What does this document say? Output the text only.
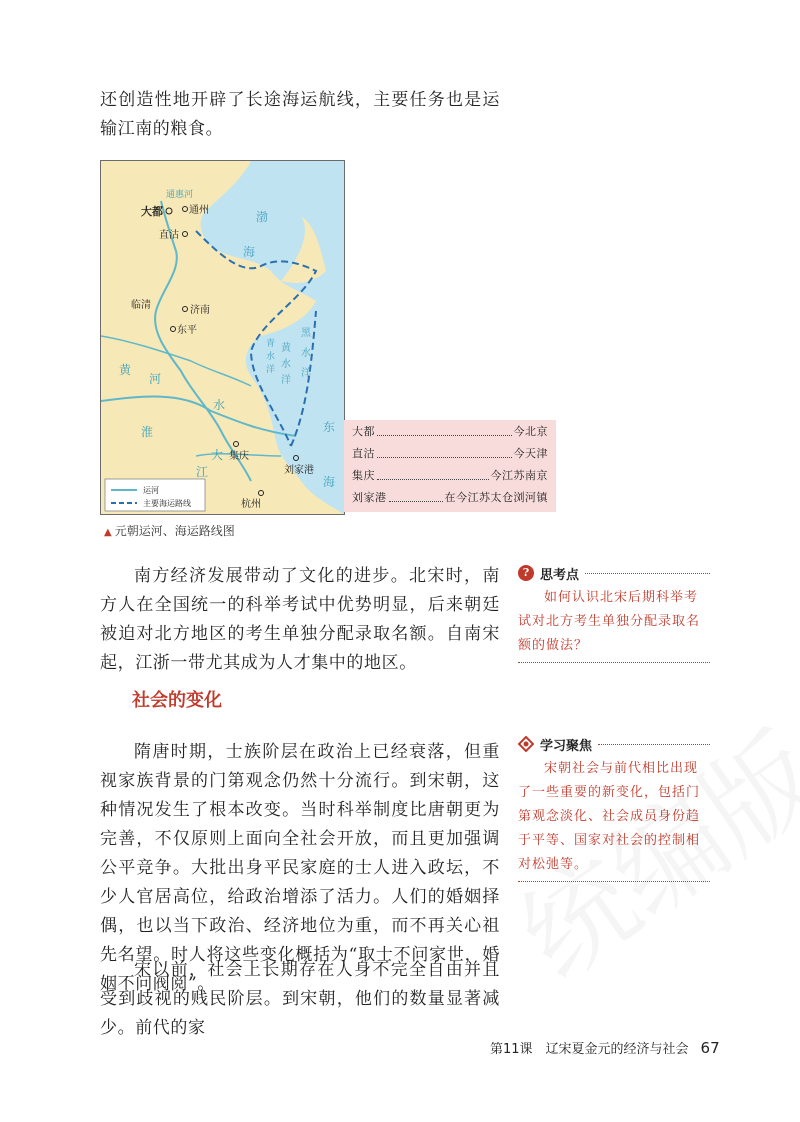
还创造性地开辟了长途海运航线，主要任务也是运输江南的粮食。

通惠河
大都	通州
直沽
临清	济南
东平
黄
河
水
淮
大
江
集庆
刘家港
杭州
渤
海
青
水
洋
黑
水
洋
黄
水
洋
东
海
运河
主要海运路线
大都	今北京
直沽	今天津
集庆	今江苏南京
刘家港	在今江苏太仓浏河镇
▲ 元朝运河、海运路线图

南方经济发展带动了文化的进步。北宋时，南方人在全国统一的科举考试中优势明显，后来朝廷被迫对北方地区的考生单独分配录取名额。自南宋起，江浙一带尤其成为人才集中的地区。

? 思考点

如何认识北宋后期科举考试对北方考生单独分配录取名额的做法？

社会的变化

隋唐时期，士族阶层在政治上已经衰落，但重视家族背景的门第观念仍然十分流行。到宋朝，这种情况发生了根本改变。当时科举制度比唐朝更为完善，不仅原则上面向全社会开放，而且更加强调公平竞争。大批出身平民家庭的士人进入政坛，不少人官居高位，给政治增添了活力。人们的婚姻择偶，也以当下政治、经济地位为重，而不再关心祖先名望。时人将这些变化概括为“取士不问家世，婚姻不问阀阅”。

宋以前，社会上长期存在人身不完全自由并且受到歧视的贱民阶层。到宋朝，他们的数量显著减少。前代的家

学习聚焦

宋朝社会与前代相比出现了一些重要的新变化，包括门第观念淡化、社会成员身份趋于平等、国家对社会的控制相对松弛等。

第11课　辽宋夏金元的经济与社会 67
